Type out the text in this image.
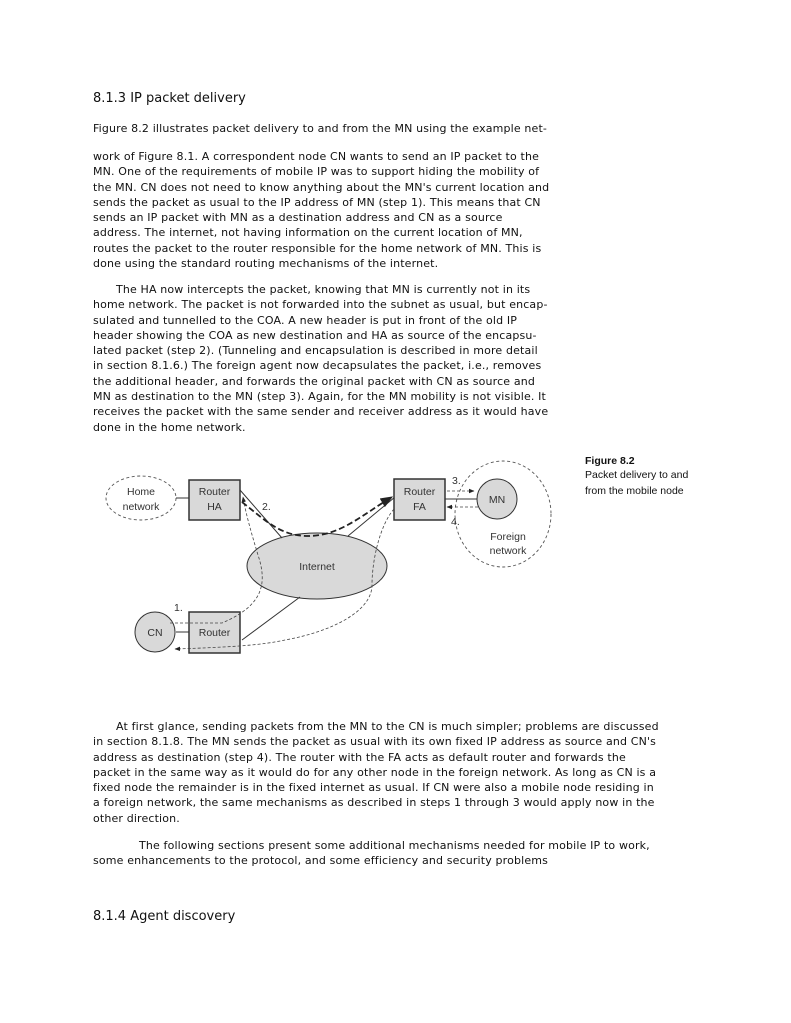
8.1.3 IP packet delivery

Figure 8.2 illustrates packet delivery to and from the MN using the example net-

work of Figure 8.1. A correspondent node CN wants to send an IP packet to the

MN. One of the requirements of mobile IP was to support hiding the mobility of

the MN. CN does not need to know anything about the MN's current location and

sends the packet as usual to the IP address of MN (step 1). This means that CN

sends an IP packet with MN as a destination address and CN as a source

address. The internet, not having information on the current location of MN,

routes the packet to the router responsible for the home network of MN. This is

done using the standard routing mechanisms of the internet.

The HA now intercepts the packet, knowing that MN is currently not in its

home network. The packet is not forwarded into the subnet as usual, but encap-

sulated and tunnelled to the COA. A new header is put in front of the old IP

header showing the COA as new destination and HA as source of the encapsu-

lated packet (step 2). (Tunneling and encapsulation is described in more detail

in section 8.1.6.) The foreign agent now decapsulates the packet, i.e., removes

the additional header, and forwards the original packet with CN as source and

MN as destination to the MN (step 3). Again, for the MN mobility is not visible. It

receives the packet with the same sender and receiver address as it would have

done in the home network.

Home
network
Router
HA
Router
FA
Router
CN
MN
Internet
Foreign
network
1.
2.
3.
4.
Figure 8.2
Packet delivery to and
from the mobile node

At first glance, sending packets from the MN to the CN is much simpler; problems are discussed

in section 8.1.8. The MN sends the packet as usual with its own fixed IP address as source and CN's

address as destination (step 4). The router with the FA acts as default router and forwards the

packet in the same way as it would do for any other node in the foreign network. As long as CN is a

fixed node the remainder is in the fixed internet as usual. If CN were also a mobile node residing in

a foreign network, the same mechanisms as described in steps 1 through 3 would apply now in the

other direction.

The following sections present some additional mechanisms needed for mobile IP to work,

some enhancements to the protocol, and some efficiency and security problems

8.1.4 Agent discovery
